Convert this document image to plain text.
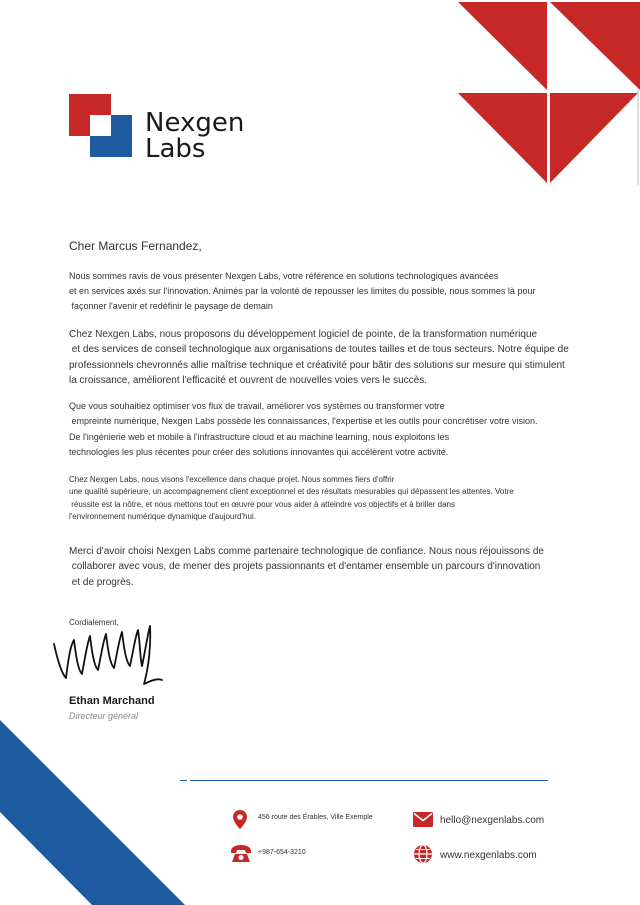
Nexgen
Labs
Cher Marcus Fernandez,
Nous sommes ravis de vous présenter Nexgen Labs, votre référence en solutions technologiques avancées
et en services axés sur l'innovation. Animés par la volonté de repousser les limites du possible, nous sommes là pour
façonner l'avenir et redéfinir le paysage de demain
Chez Nexgen Labs, nous proposons du développement logiciel de pointe, de la transformation numérique
et des services de conseil technologique aux organisations de toutes tailles et de tous secteurs. Notre équipe de
professionnels chevronnés allie maîtrise technique et créativité pour bâtir des solutions sur mesure qui stimulent
la croissance, améliorent l'efficacité et ouvrent de nouvelles voies vers le succès.
Que vous souhaitiez optimiser vos flux de travail, améliorer vos systèmes ou transformer votre
empreinte numérique, Nexgen Labs possède les connaissances, l'expertise et les outils pour concrétiser votre vision.
De l'ingénierie web et mobile à l'infrastructure cloud et au machine learning, nous exploitons les
technologies les plus récentes pour créer des solutions innovantes qui accélèrent votre activité.
Chez Nexgen Labs, nous visons l'excellence dans chaque projet. Nous sommes fiers d'offrir
une qualité supérieure, un accompagnement client exceptionnel et des résultats mesurables qui dépassent les attentes. Votre
réussite est la nôtre, et nous mettons tout en œuvre pour vous aider à atteindre vos objectifs et à briller dans
l'environnement numérique dynamique d'aujourd'hui.
Merci d'avoir choisi Nexgen Labs comme partenaire technologique de confiance. Nous nous réjouissons de
collaborer avec vous, de mener des projets passionnants et d'entamer ensemble un parcours d'innovation
et de progrès.
Cordialement,
Ethan Marchand
Directeur général
456 route des Érables, Ville Exemple
+987-654-3210
hello@nexgenlabs.com
www.nexgenlabs.com
